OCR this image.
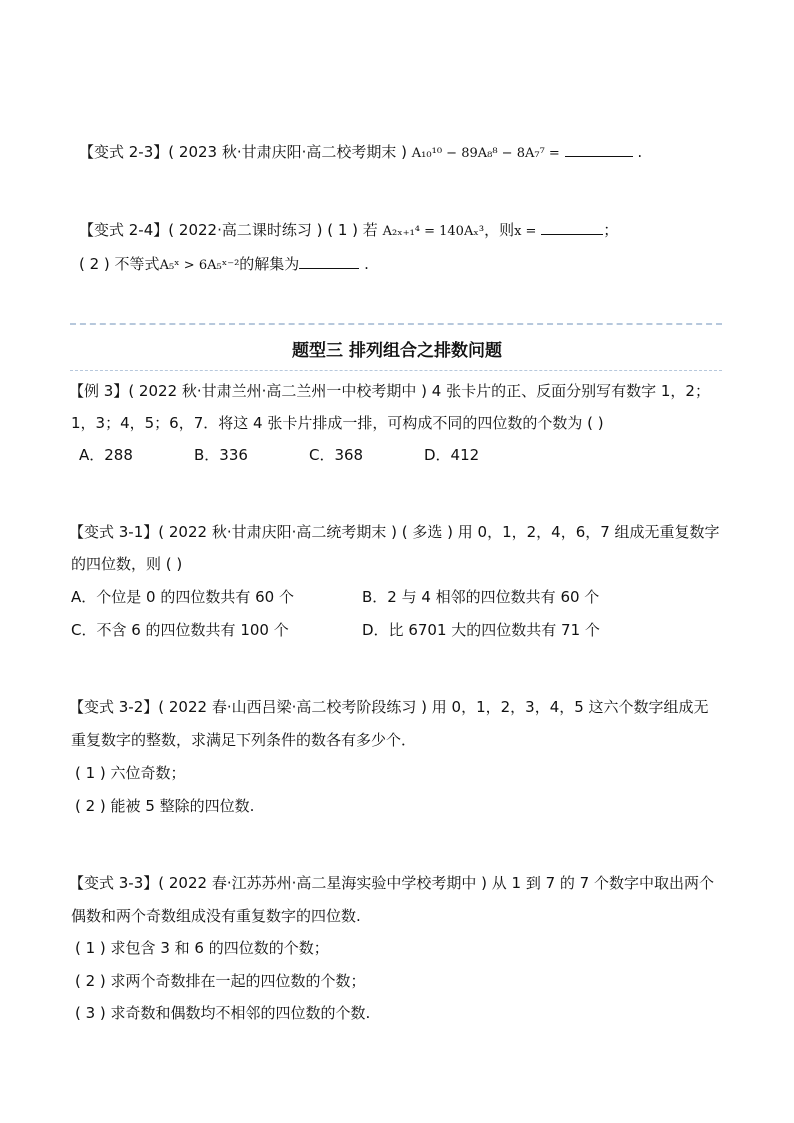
【变式 2-3】( 2023 秋·甘肃庆阳·高二校考期末 ) A₁₀¹⁰ − 89A₈⁸ − 8A₇⁷ =	.
【变式 2-4】( 2022·高二课时练习 ) ( 1 ) 若 A₂ₓ₊₁⁴ = 140Aₓ³，则x =	；
( 2 ) 不等式A₅ˣ > 6A₅ˣ⁻²的解集为	.
题型三 排列组合之排数问题
【例 3】( 2022 秋·甘肃兰州·高二兰州一中校考期中 ) 4 张卡片的正、反面分别写有数字 1，2；
1，3；4，5；6，7．将这 4 张卡片排成一排，可构成不同的四位数的个数为 ( )
A．288	B．336	C．368	D．412
【变式 3-1】( 2022 秋·甘肃庆阳·高二统考期末 ) ( 多选 ) 用 0，1，2，4，6，7 组成无重复数字
的四位数，则 ( )
A．个位是 0 的四位数共有 60 个	B．2 与 4 相邻的四位数共有 60 个
C．不含 6 的四位数共有 100 个	D．比 6701 大的四位数共有 71 个
【变式 3-2】( 2022 春·山西吕梁·高二校考阶段练习 ) 用 0，1，2，3，4，5 这六个数字组成无
重复数字的整数，求满足下列条件的数各有多少个．
( 1 ) 六位奇数；
( 2 ) 能被 5 整除的四位数.
【变式 3-3】( 2022 春·江苏苏州·高二星海实验中学校考期中 ) 从 1 到 7 的 7 个数字中取出两个
偶数和两个奇数组成没有重复数字的四位数.
( 1 ) 求包含 3 和 6 的四位数的个数；
( 2 ) 求两个奇数排在一起的四位数的个数；
( 3 ) 求奇数和偶数均不相邻的四位数的个数.
